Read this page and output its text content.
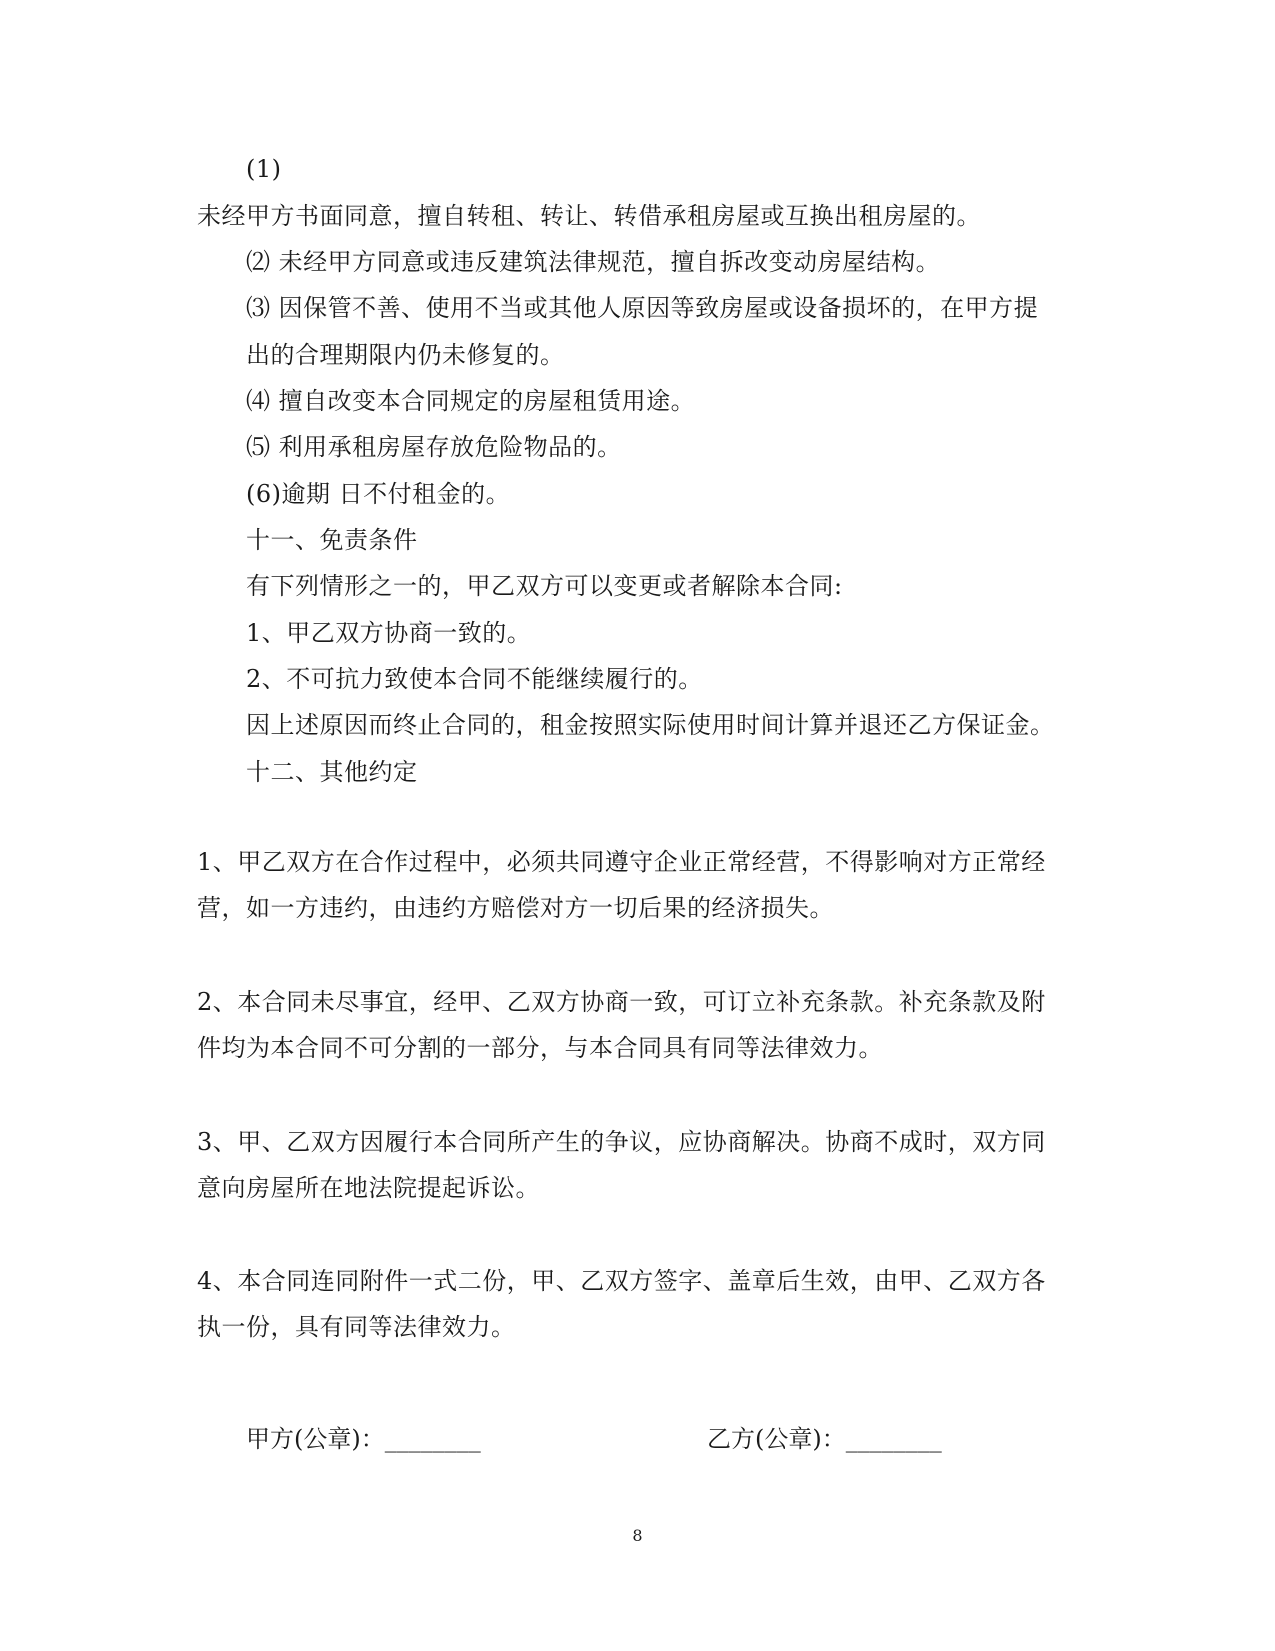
(1)
未经甲方书面同意，擅自转租、转让、转借承租房屋或互换出租房屋的。
⑵ 未经甲方同意或违反建筑法律规范，擅自拆改变动房屋结构。
⑶ 因保管不善、使用不当或其他人原因等致房屋或设备损坏的，在甲方提
出的合理期限内仍未修复的。
⑷ 擅自改变本合同规定的房屋租赁用途。
⑸ 利用承租房屋存放危险物品的。
(6)逾期 日不付租金的。
十一、免责条件
有下列情形之一的，甲乙双方可以变更或者解除本合同:
1、甲乙双方协商一致的。
2、不可抗力致使本合同不能继续履行的。
因上述原因而终止合同的，租金按照实际使用时间计算并退还乙方保证金。
十二、其他约定
1、甲乙双方在合作过程中，必须共同遵守企业正常经营，不得影响对方正常经
营，如一方违约，由违约方赔偿对方一切后果的经济损失。
2、本合同未尽事宜，经甲、乙双方协商一致，可订立补充条款。补充条款及附
件均为本合同不可分割的一部分，与本合同具有同等法律效力。
3、甲、乙双方因履行本合同所产生的争议，应协商解决。协商不成时，双方同
意向房屋所在地法院提起诉讼。
4、本合同连同附件一式二份，甲、乙双方签字、盖章后生效，由甲、乙双方各
执一份，具有同等法律效力。
甲方(公章)：________	乙方(公章)：________
8
